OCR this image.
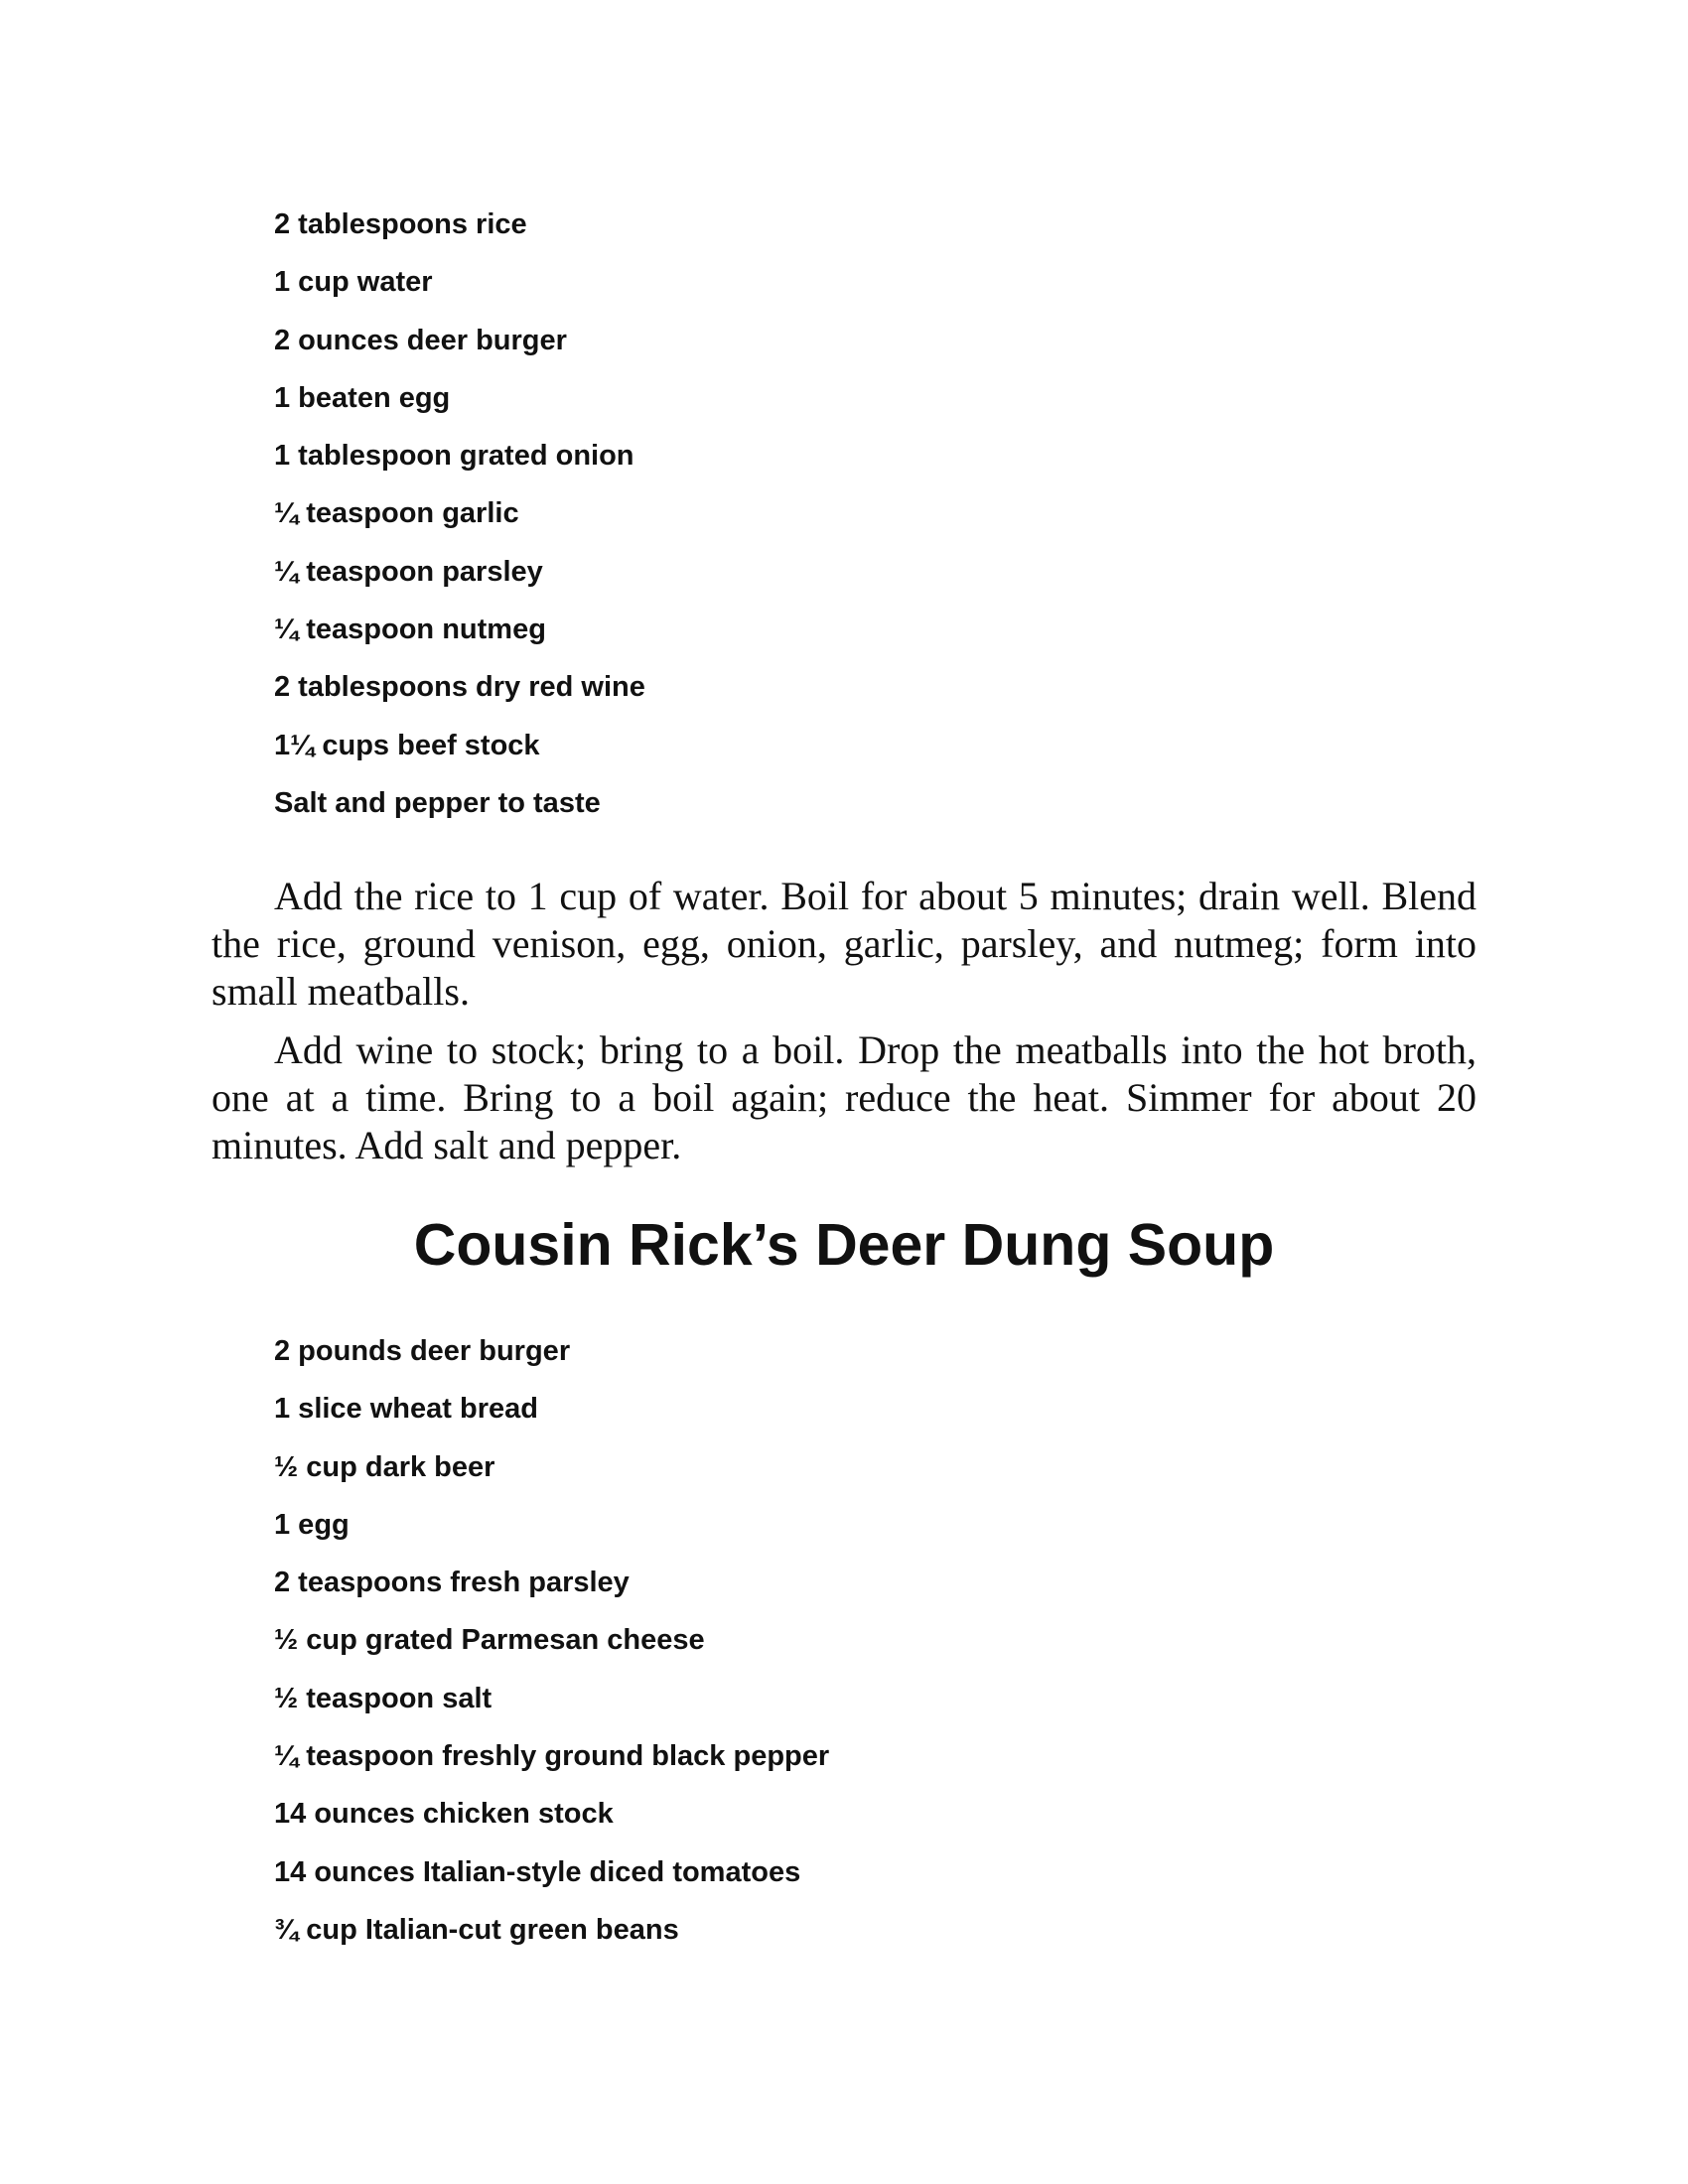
2 tablespoons rice
1 cup water
2 ounces deer burger
1 beaten egg
1 tablespoon grated onion
¼ teaspoon garlic
¼ teaspoon parsley
¼ teaspoon nutmeg
2 tablespoons dry red wine
1¼ cups beef stock
Salt and pepper to taste

Add the rice to 1 cup of water. Boil for about 5 minutes; drain well. Blend the rice, ground venison, egg, onion, garlic, parsley, and nutmeg; form into small meatballs.

Add wine to stock; bring to a boil. Drop the meatballs into the hot broth, one at a time. Bring to a boil again; reduce the heat. Simmer for about 20 minutes. Add salt and pepper.

Cousin Rick’s Deer Dung Soup
2 pounds deer burger
1 slice wheat bread
½ cup dark beer
1 egg
2 teaspoons fresh parsley
½ cup grated Parmesan cheese
½ teaspoon salt
¼ teaspoon freshly ground black pepper
14 ounces chicken stock
14 ounces Italian-style diced tomatoes
¾ cup Italian-cut green beans
